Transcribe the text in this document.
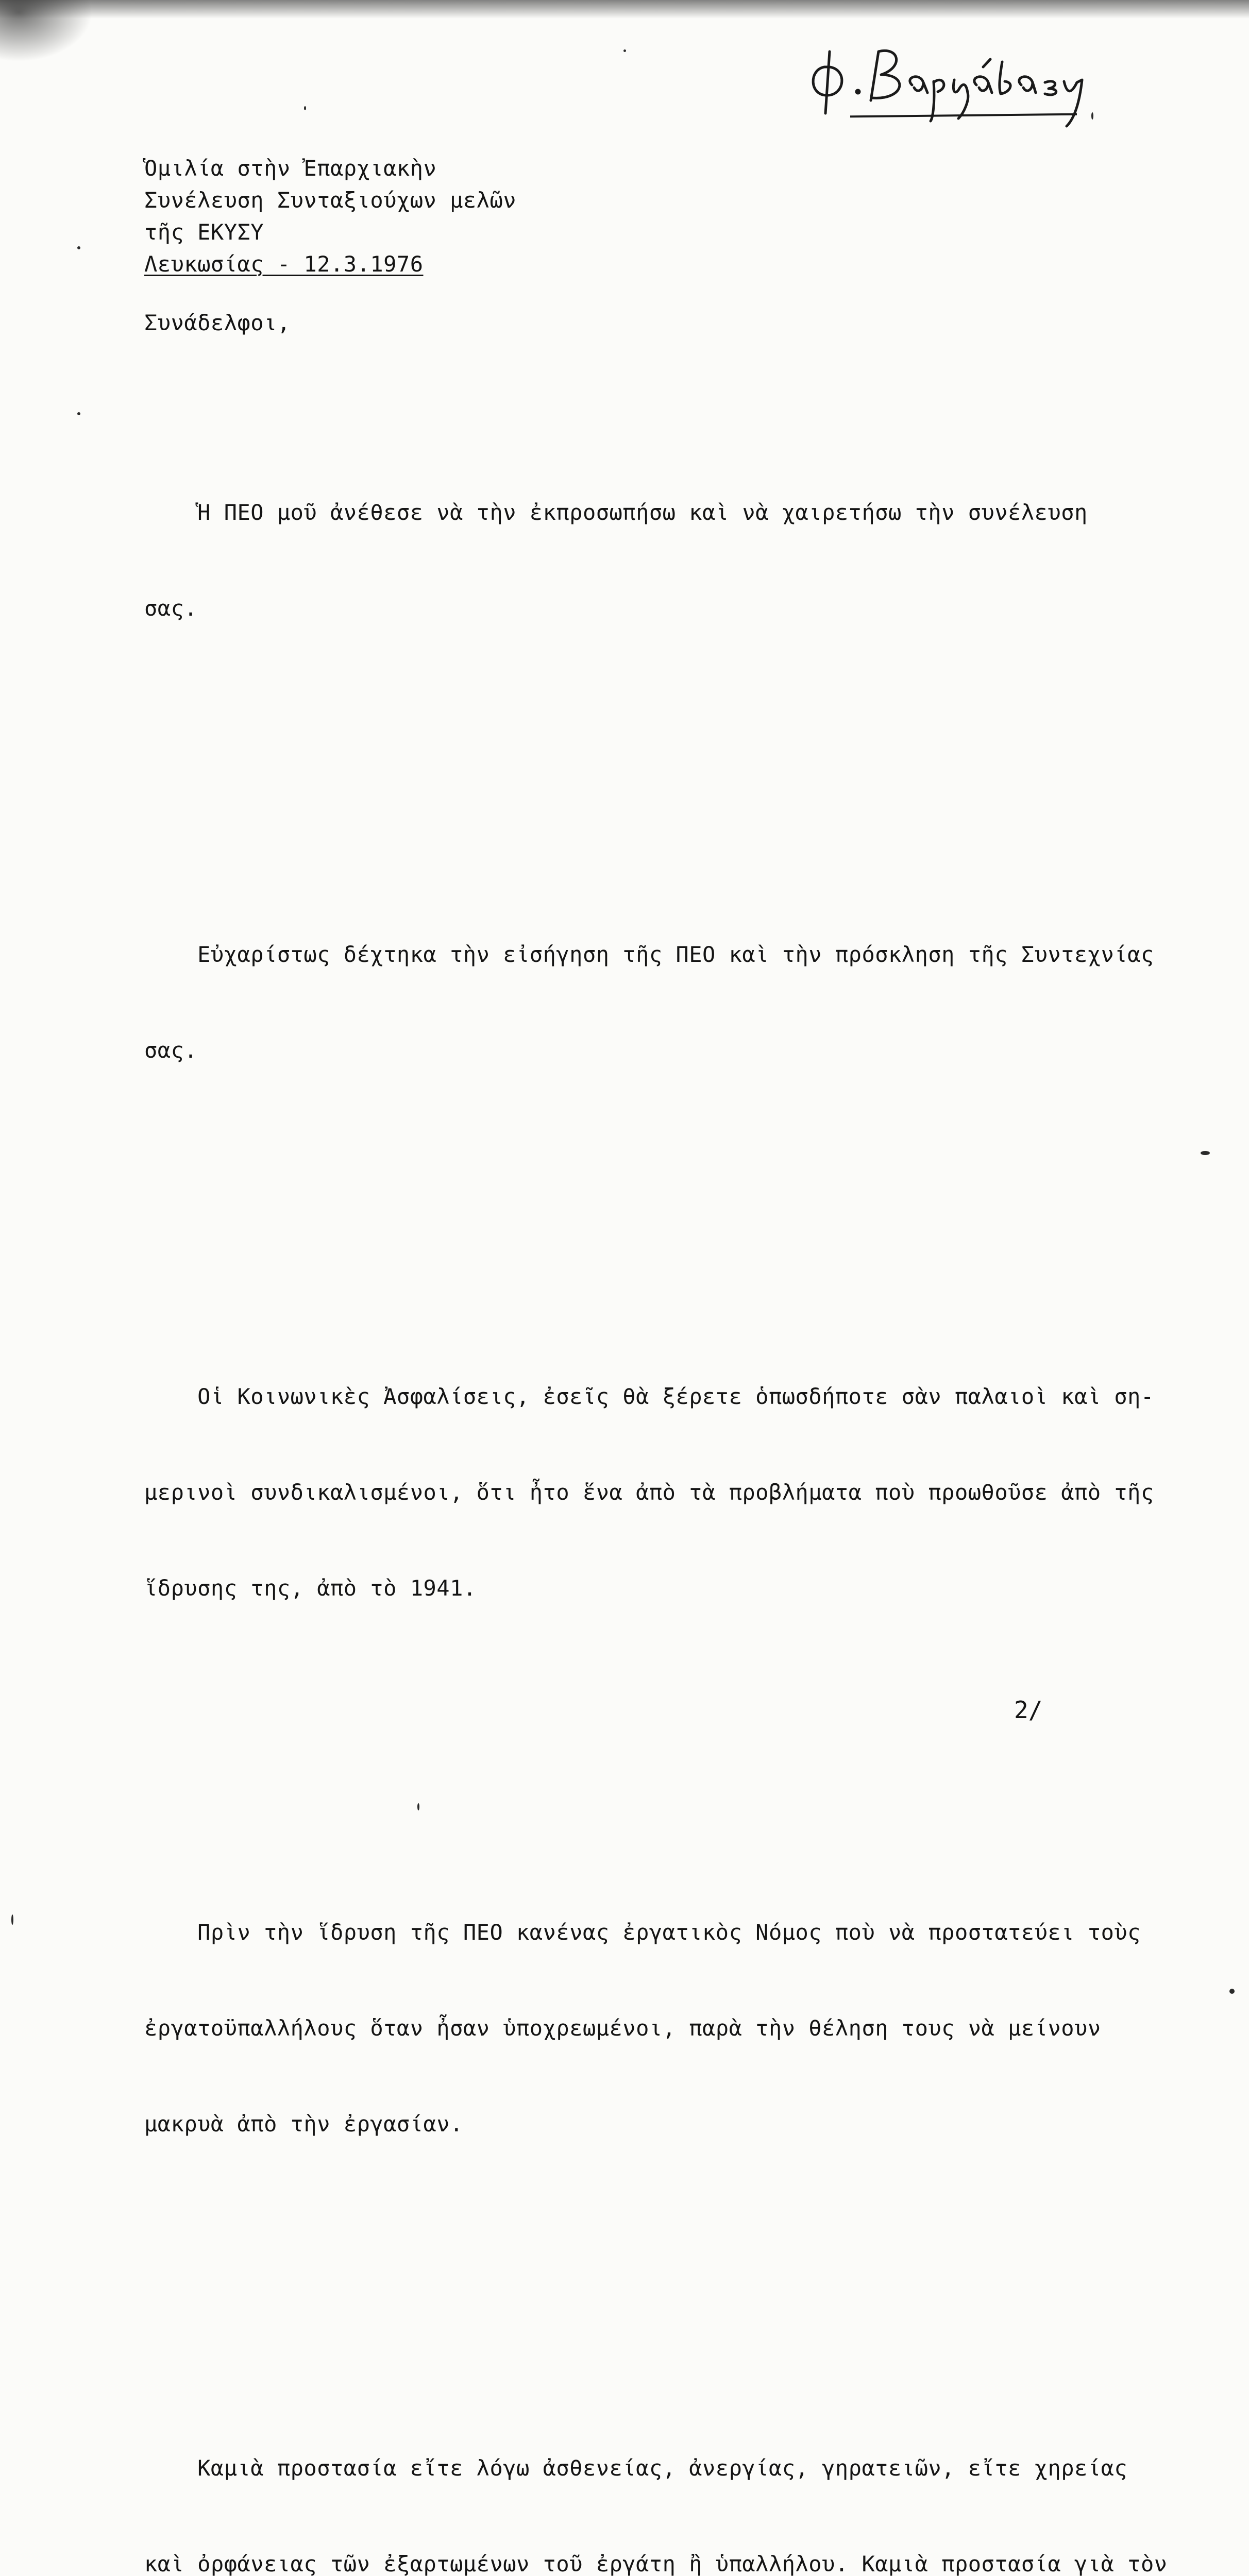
Ὁμιλία στὴν Ἐπαρχιακὴν
Συνέλευση Συνταξιούχων μελῶν
τῆς ΕΚΥΣΥ
Λευκωσίας - 12.3.1976
Συνάδελφοι,

Ἡ ΠΕΟ μοῦ ἀνέθεσε νὰ τὴν ἐκπροσωπήσω καὶ νὰ χαιρετήσω τὴν συνέλευση

σας.

Εὐχαρίστως δέχτηκα τὴν εἰσήγηση τῆς ΠΕΟ καὶ τὴν πρόσκληση τῆς Συντεχνίας

σας.

Οἱ Κοινωνικὲς Ἀσφαλίσεις, ἐσεῖς θὰ ξέρετε ὁπωσδήποτε σὰν παλαιοὶ καὶ ση-

μερινοὶ συνδικαλισμένοι, ὅτι ἦτο ἕνα ἀπὸ τὰ προβλήματα ποὺ προωθοῦσε ἀπὸ τῆς

ἵδρυσης της, ἀπὸ τὸ 1941.

Πρὶν τὴν ἵδρυση τῆς ΠΕΟ κανένας ἐργατικὸς Νόμος ποὺ νὰ προστατεύει τοὺς

ἐργατοϋπαλλήλους ὅταν ἦσαν ὑποχρεωμένοι, παρὰ τὴν θέληση τους νὰ μείνουν

μακρυὰ ἀπὸ τὴν ἐργασίαν.

Καμιὰ προστασία εἴτε λόγω ἀσθενείας, ἀνεργίας, γηρατειῶν, εἴτε χηρείας

καὶ ὀρφάνειας τῶν ἐξαρτωμένων τοῦ ἐργάτη ἢ ὑπαλλήλου. Καμιὰ προστασία γιὰ τὸν

2/
